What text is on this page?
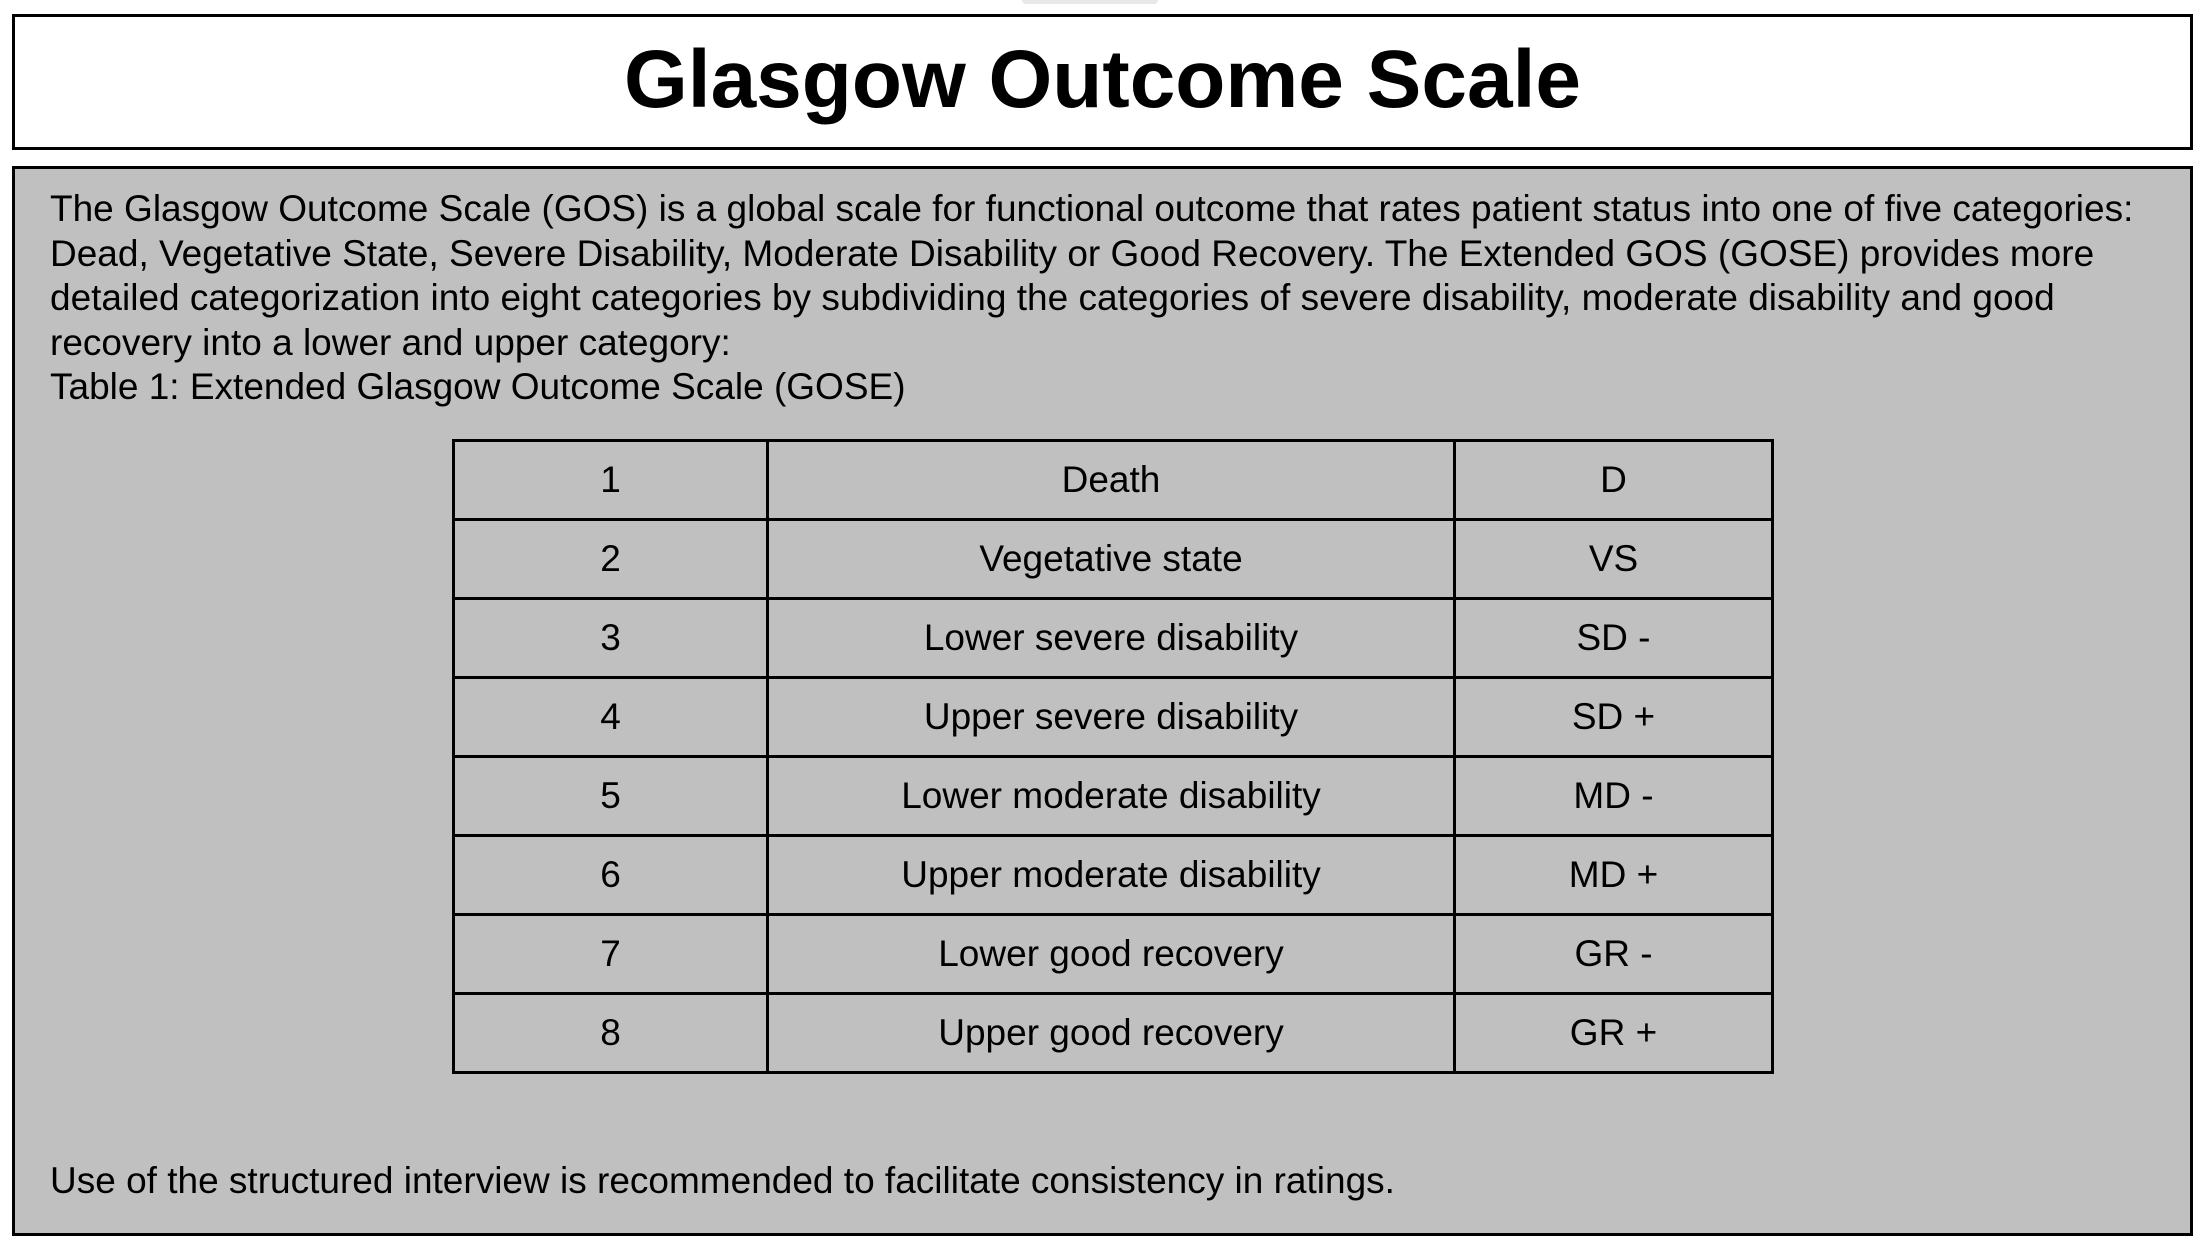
Glasgow Outcome Scale

The Glasgow Outcome Scale (GOS) is a global scale for functional outcome that rates patient status into one of five categories: Dead, Vegetative State, Severe Disability, Moderate Disability or Good Recovery. The Extended GOS (GOSE) provides more detailed categorization into eight categories by subdividing the categories of severe disability, moderate disability and good recovery into a lower and upper category:

Table 1: Extended Glasgow Outcome Scale (GOSE)

1	Death	D
2	Vegetative state	VS
3	Lower severe disability	SD -
4	Upper severe disability	SD +
5	Lower moderate disability	MD -
6	Upper moderate disability	MD +
7	Lower good recovery	GR -
8	Upper good recovery	GR +

Use of the structured interview is recommended to facilitate consistency in ratings.
